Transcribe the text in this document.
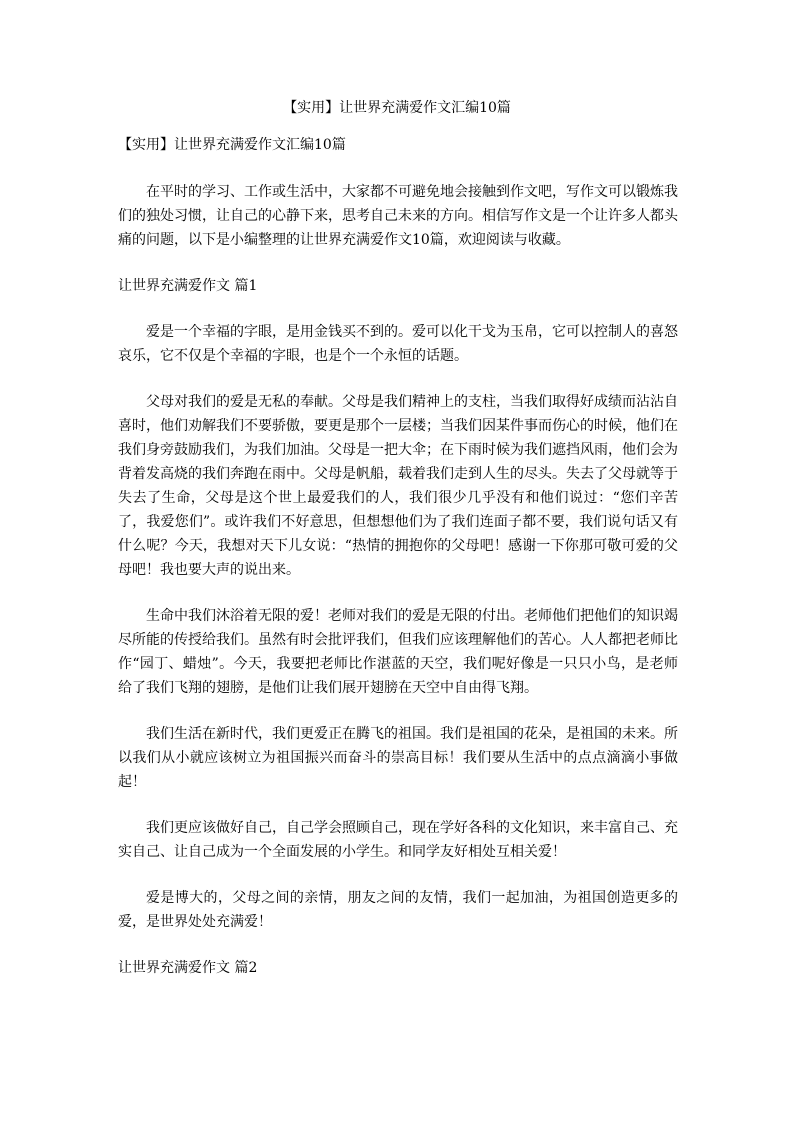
【实用】让世界充满爱作文汇编10篇
【实用】让世界充满爱作文汇编10篇

在平时的学习、工作或生活中，大家都不可避免地会接触到作文吧，写作文可以锻炼我们的独处习惯，让自己的心静下来，思考自己未来的方向。相信写作文是一个让许多人都头痛的问题，以下是小编整理的让世界充满爱作文10篇，欢迎阅读与收藏。

让世界充满爱作文 篇1

爱是一个幸福的字眼，是用金钱买不到的。爱可以化干戈为玉帛，它可以控制人的喜怒哀乐，它不仅是个幸福的字眼，也是个一个永恒的话题。

父母对我们的爱是无私的奉献。父母是我们精神上的支柱，当我们取得好成绩而沾沾自喜时，他们劝解我们不要骄傲，要更是那个一层楼；当我们因某件事而伤心的时候，他们在我们身旁鼓励我们，为我们加油。父母是一把大伞；在下雨时候为我们遮挡风雨，他们会为背着发高烧的我们奔跑在雨中。父母是帆船，载着我们走到人生的尽头。失去了父母就等于失去了生命，父母是这个世上最爱我们的人，我们很少几乎没有和他们说过：“您们辛苦了，我爱您们”。或许我们不好意思，但想想他们为了我们连面子都不要，我们说句话又有什么呢？今天，我想对天下儿女说：“热情的拥抱你的父母吧！感谢一下你那可敬可爱的父母吧！我也要大声的说出来。

生命中我们沐浴着无限的爱！老师对我们的爱是无限的付出。老师他们把他们的知识竭尽所能的传授给我们。虽然有时会批评我们，但我们应该理解他们的苦心。人人都把老师比作“园丁、蜡烛”。今天，我要把老师比作湛蓝的天空，我们呢好像是一只只小鸟，是老师给了我们飞翔的翅膀，是他们让我们展开翅膀在天空中自由得飞翔。

我们生活在新时代，我们更爱正在腾飞的祖国。我们是祖国的花朵，是祖国的未来。所以我们从小就应该树立为祖国振兴而奋斗的崇高目标！我们要从生活中的点点滴滴小事做起！

我们更应该做好自己，自己学会照顾自己，现在学好各科的文化知识，来丰富自己、充实自己、让自己成为一个全面发展的小学生。和同学友好相处互相关爱！

爱是博大的，父母之间的亲情，朋友之间的友情，我们一起加油，为祖国创造更多的爱，是世界处处充满爱！

让世界充满爱作文 篇2
